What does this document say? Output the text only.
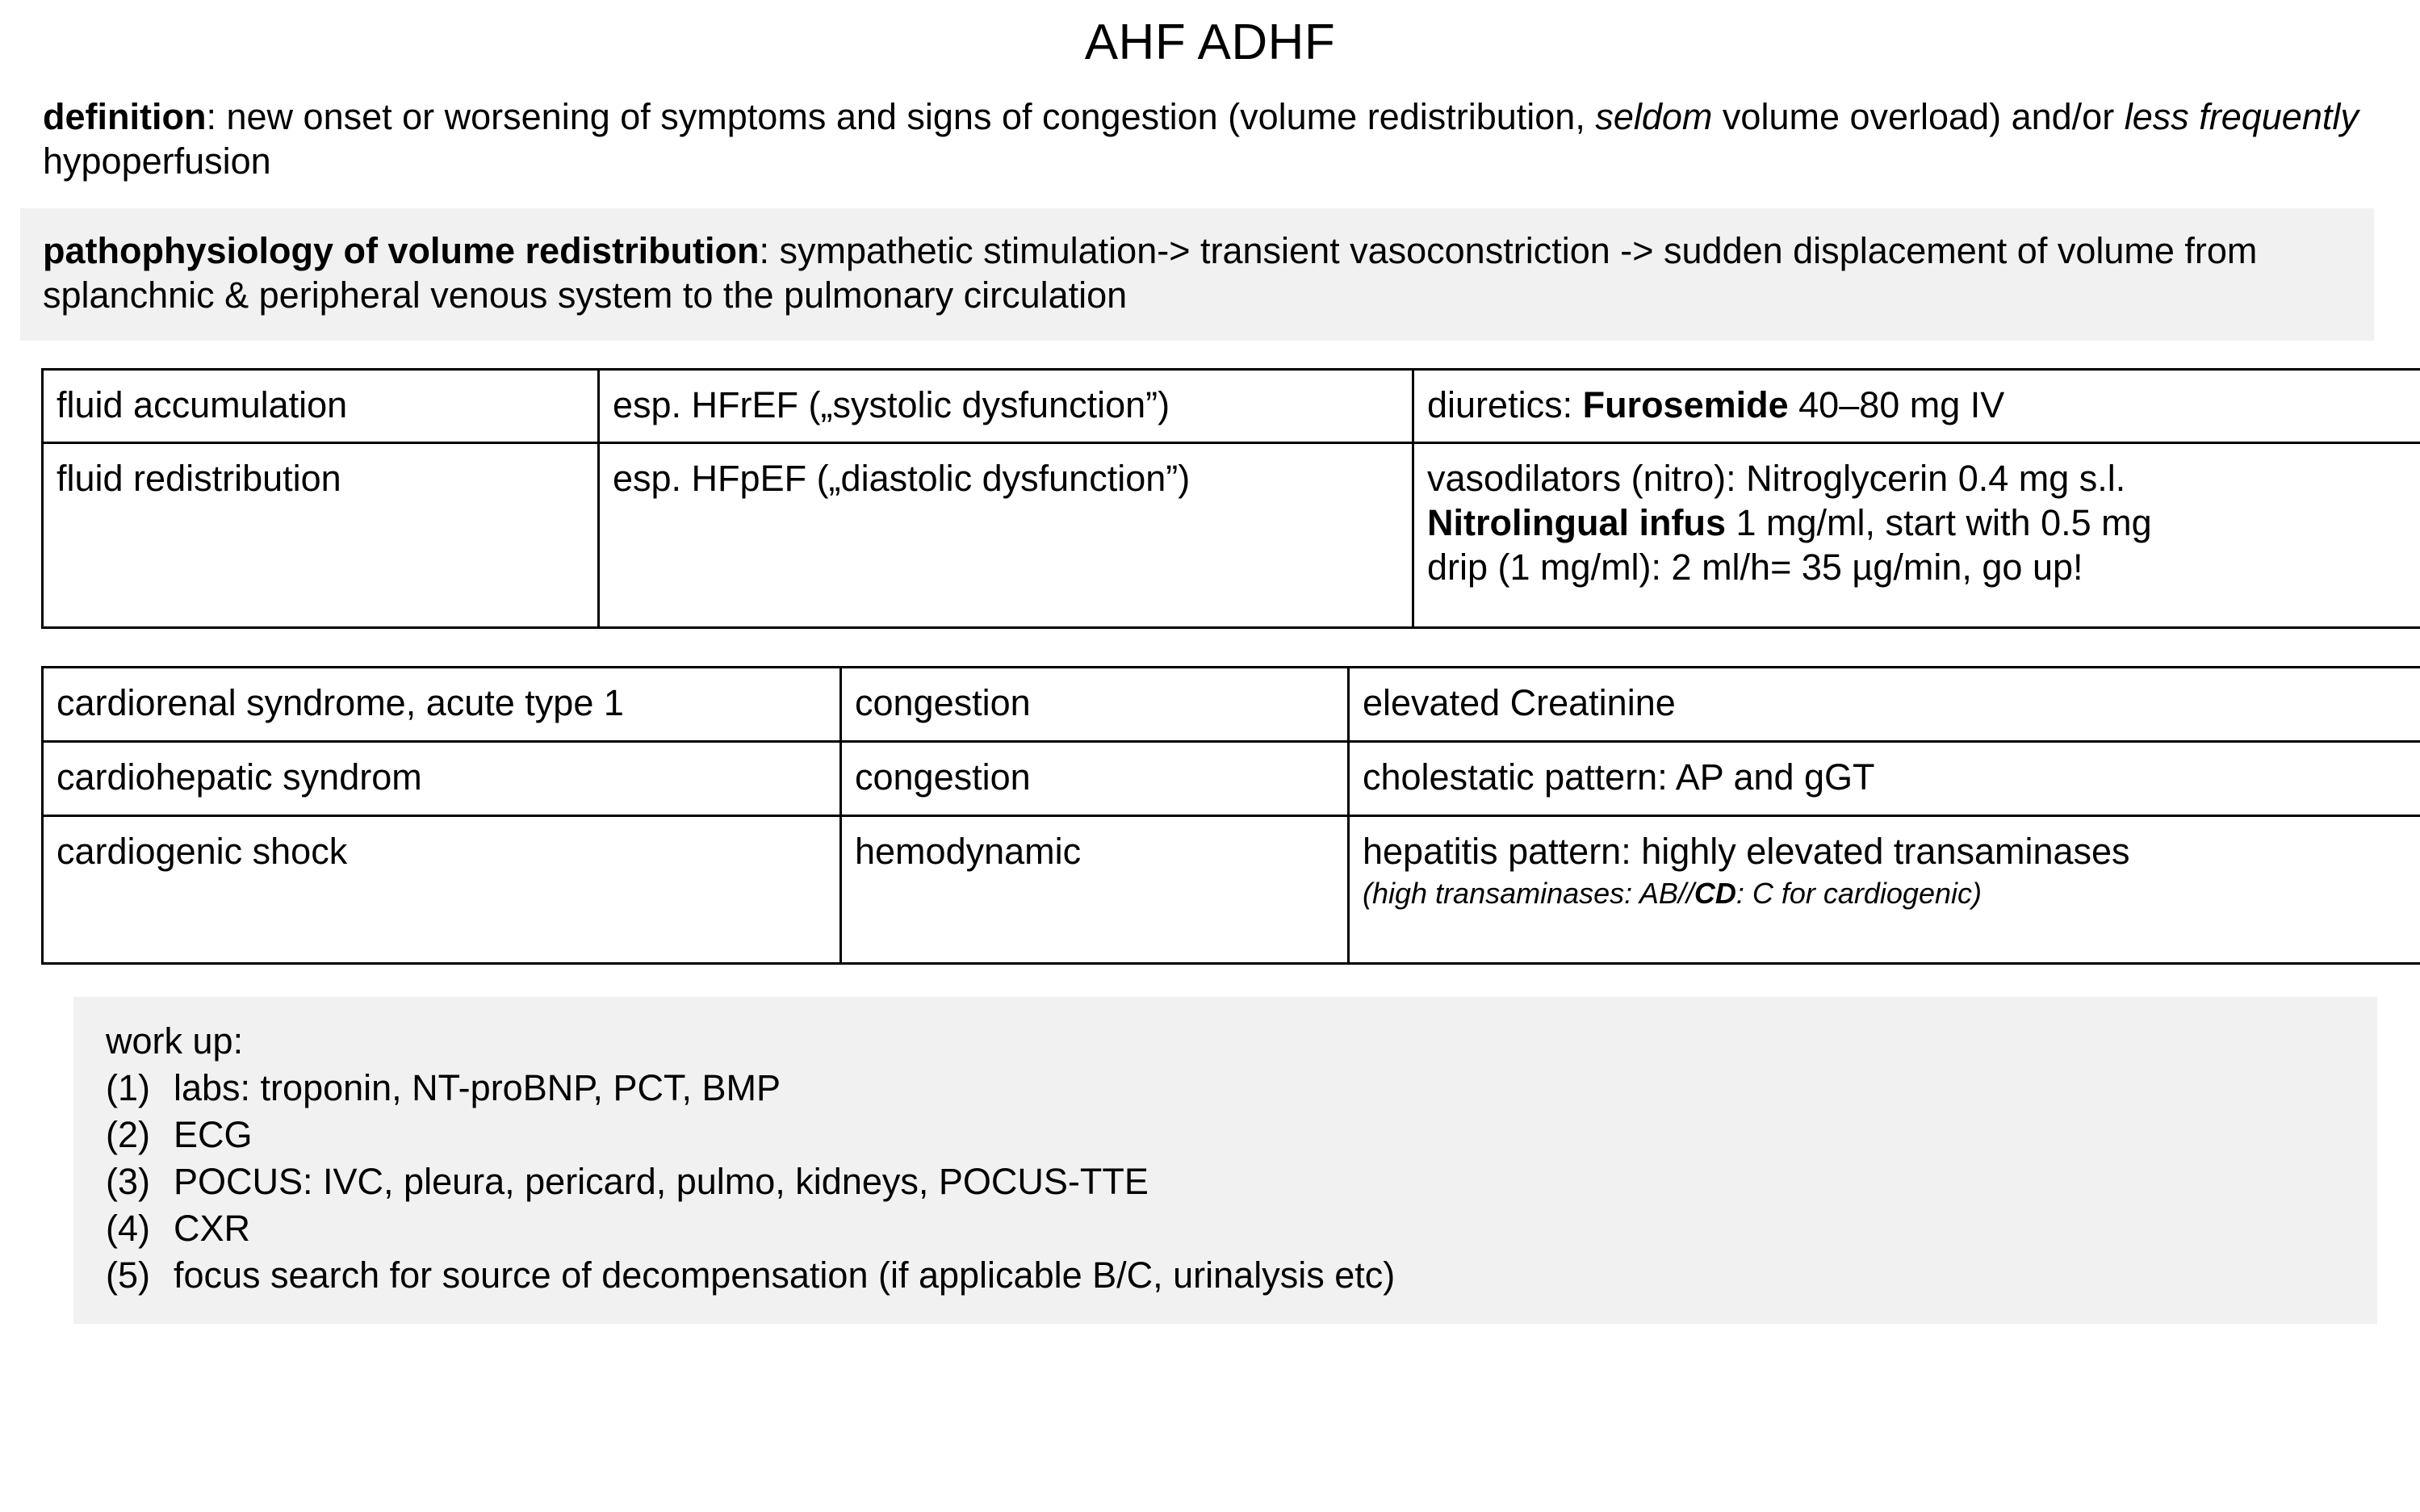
AHF ADHF
definition: new onset or worsening of symptoms and signs of congestion (volume redistribution, seldom volume overload) and/or less frequently hypoperfusion
pathophysiology of volume redistribution: sympathetic stimulation-> transient vasoconstriction -> sudden displacement of volume from splanchnic & peripheral venous system to the pulmonary circulation
fluid accumulation	esp. HFrEF („systolic dysfunction”)	diuretics: Furosemide 40–80 mg IV
fluid redistribution	esp. HFpEF („diastolic dysfunction”)	vasodilators (nitro): Nitroglycerin 0.4 mg s.l.
Nitrolingual infus 1 mg/ml, start with 0.5 mg
drip (1 mg/ml): 2 ml/h= 35 µg/min, go up!
cardiorenal syndrome, acute type 1	congestion	elevated Creatinine
cardiohepatic syndrom	congestion	cholestatic pattern: AP and gGT
cardiogenic shock	hemodynamic	hepatitis pattern: highly elevated transaminases
(high transaminases: AB//CD: C for cardiogenic)
work up:
(1) labs: troponin, NT-proBNP, PCT, BMP
(2) ECG
(3) POCUS: IVC, pleura, pericard, pulmo, kidneys, POCUS-TTE
(4) CXR
(5) focus search for source of decompensation (if applicable B/C, urinalysis etc)
